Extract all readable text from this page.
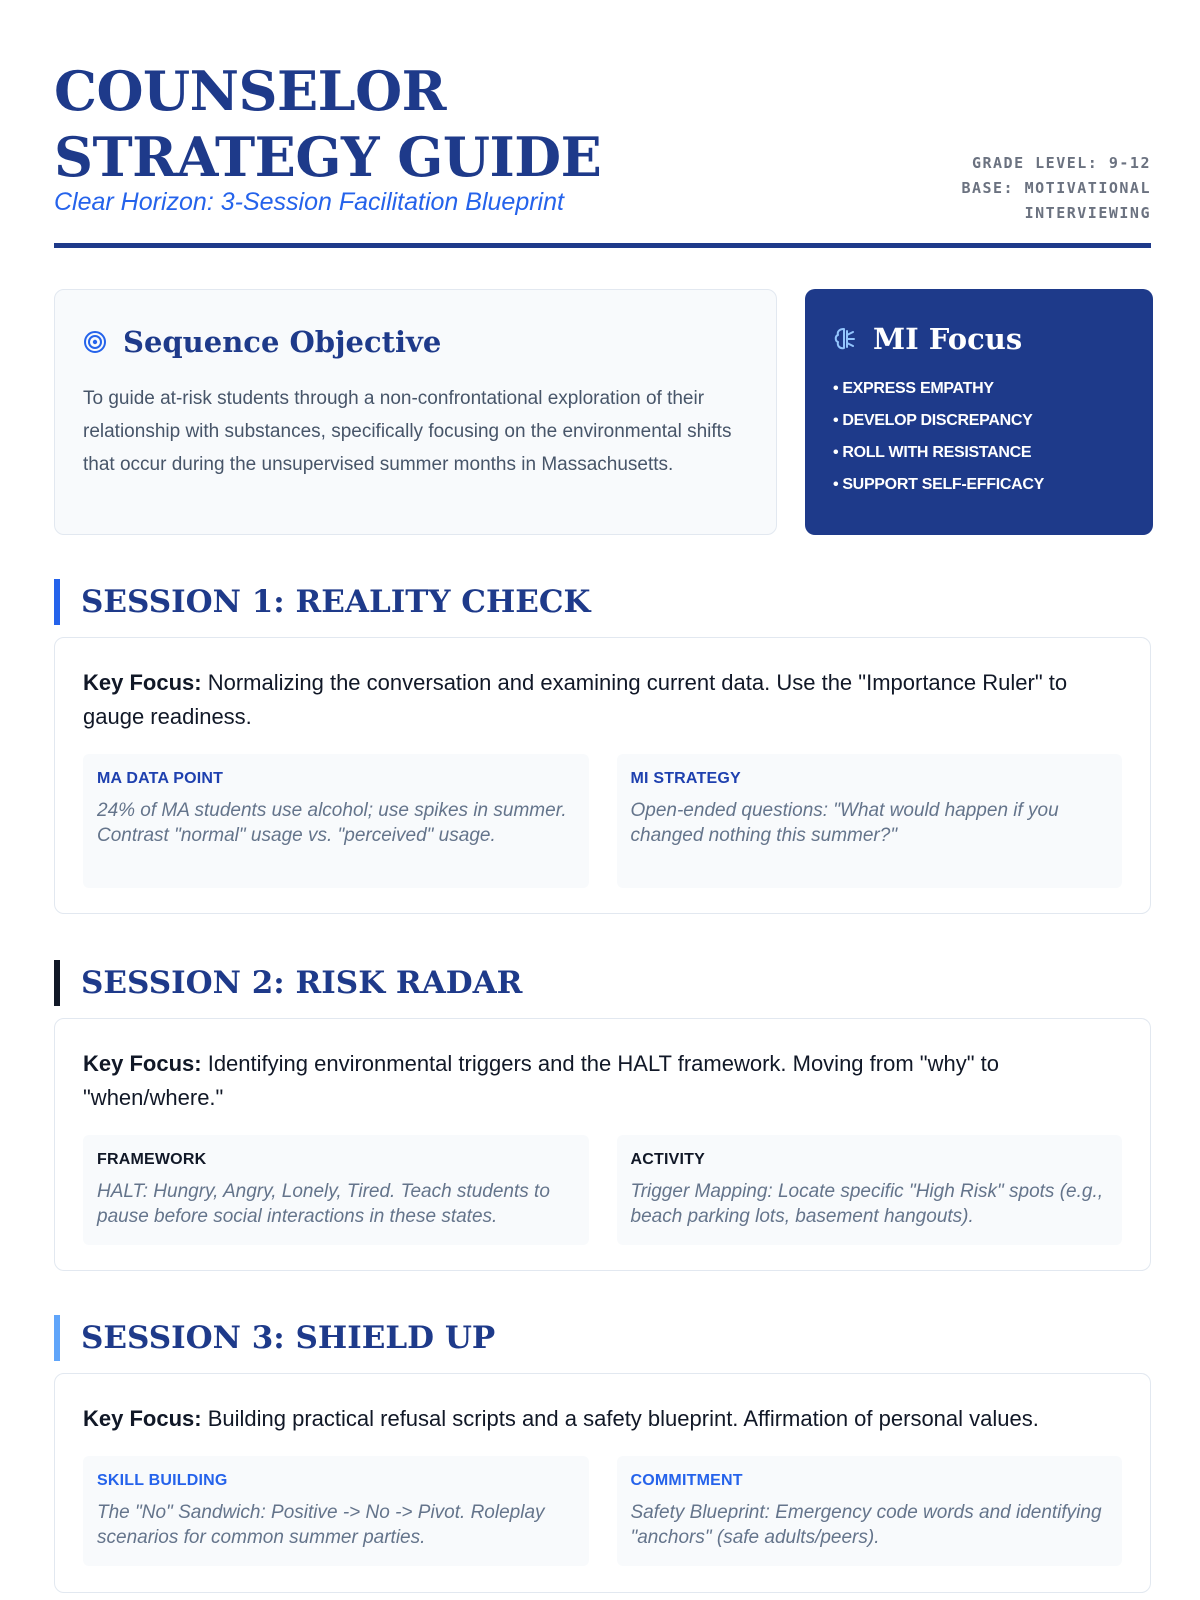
COUNSELOR STRATEGY GUIDE
Clear Horizon: 3-Session Facilitation Blueprint
GRADE LEVEL: 9-12
BASE: MOTIVATIONAL
INTERVIEWING
Sequence Objective

To guide at-risk students through a non-confrontational exploration of their relationship with substances, specifically focusing on the environmental shifts that occur during the unsupervised summer months in Massachusetts.

MI Focus
• EXPRESS EMPATHY
• DEVELOP DISCREPANCY
• ROLL WITH RESISTANCE
• SUPPORT SELF-EFFICACY
SESSION 1: REALITY CHECK

Key Focus: Normalizing the conversation and examining current data. Use the "Importance Ruler" to gauge readiness.

MA DATA POINT
24% of MA students use alcohol; use spikes in summer. Contrast "normal" usage vs. "perceived" usage.
MI STRATEGY
Open-ended questions: "What would happen if you changed nothing this summer?"
SESSION 2: RISK RADAR

Key Focus: Identifying environmental triggers and the HALT framework. Moving from "why" to "when/where."

FRAMEWORK
HALT: Hungry, Angry, Lonely, Tired. Teach students to pause before social interactions in these states.
ACTIVITY
Trigger Mapping: Locate specific "High Risk" spots (e.g., beach parking lots, basement hangouts).
SESSION 3: SHIELD UP

Key Focus: Building practical refusal scripts and a safety blueprint. Affirmation of personal values.

SKILL BUILDING
The "No" Sandwich: Positive -> No -> Pivot. Roleplay scenarios for common summer parties.
COMMITMENT
Safety Blueprint: Emergency code words and identifying "anchors" (safe adults/peers).
